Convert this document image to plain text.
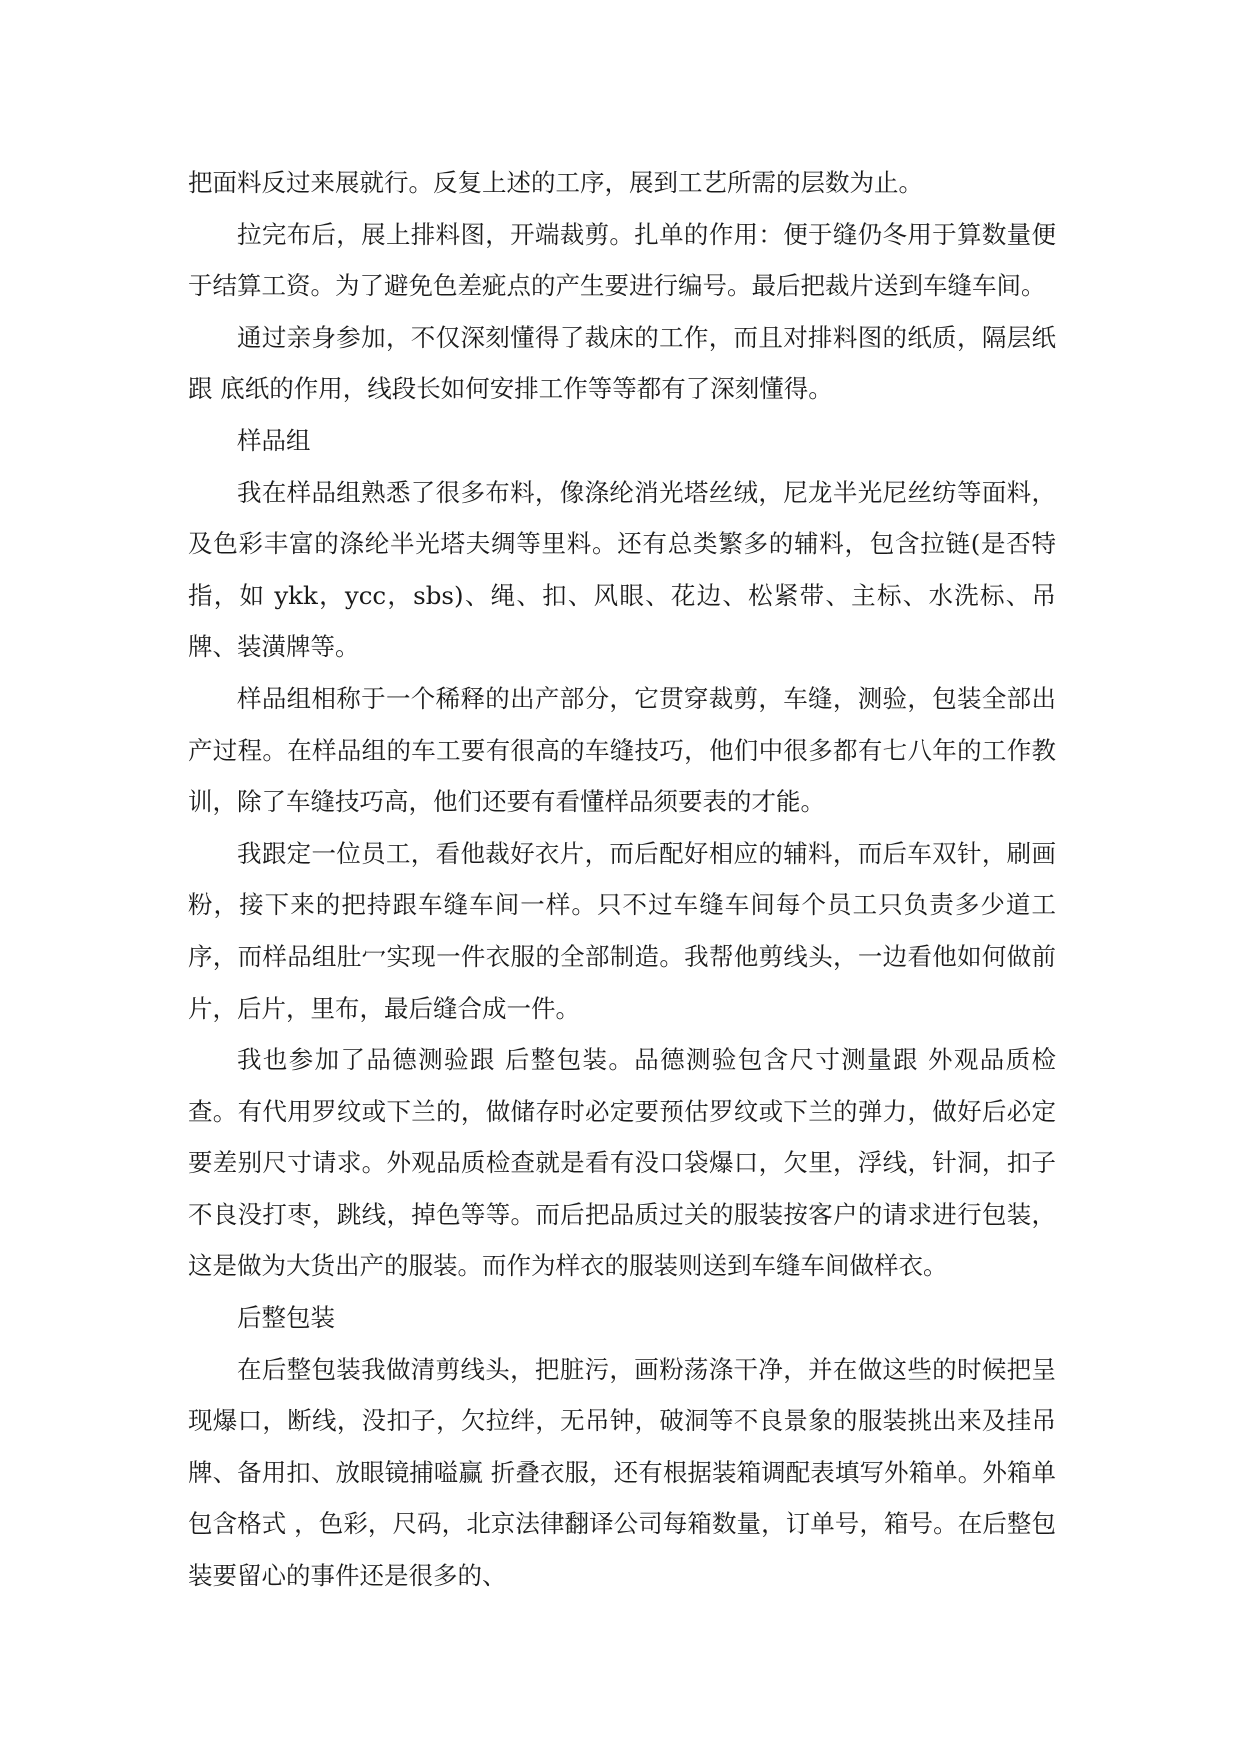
把面料反过来展就行。反复上述的工序，展到工艺所需的层数为止。

拉完布后，展上排料图，开端裁剪。扎单的作用：便于缝仍冬用于算数量便于结算工资。为了避免色差疵点的产生要进行编号。最后把裁片送到车缝车间。

通过亲身参加，不仅深刻懂得了裁床的工作，而且对排料图的纸质，隔层纸跟 底纸的作用，线段长如何安排工作等等都有了深刻懂得。

样品组

我在样品组熟悉了很多布料，像涤纶消光塔丝绒，尼龙半光尼丝纺等面料，及色彩丰富的涤纶半光塔夫绸等里料。还有总类繁多的辅料，包含拉链(是否特指，如 ykk，ycc，sbs)、绳、扣、风眼、花边、松紧带、主标、水洗标、吊牌、装潢牌等。

样品组相称于一个稀释的出产部分，它贯穿裁剪，车缝，测验，包装全部出产过程。在样品组的车工要有很高的车缝技巧，他们中很多都有七八年的工作教训，除了车缝技巧高，他们还要有看懂样品须要表的才能。

我跟定一位员工，看他裁好衣片，而后配好相应的辅料，而后车双针，刷画粉，接下来的把持跟车缝车间一样。只不过车缝车间每个员工只负责多少道工序，而样品组肚冖实现一件衣服的全部制造。我帮他剪线头，一边看他如何做前片，后片，里布，最后缝合成一件。

我也参加了品德测验跟 后整包装。品德测验包含尺寸测量跟 外观品质检查。有代用罗纹或下兰的，做储存时必定要预估罗纹或下兰的弹力，做好后必定要差别尺寸请求。外观品质检查就是看有没口袋爆口，欠里，浮线，针洞，扣子不良没打枣，跳线，掉色等等。而后把品质过关的服装按客户的请求进行包装，这是做为大货出产的服装。而作为样衣的服装则送到车缝车间做样衣。

后整包装

在后整包装我做清剪线头，把脏污，画粉荡涤干净，并在做这些的时候把呈现爆口，断线，没扣子，欠拉绊，无吊钟，破洞等不良景象的服装挑出来及挂吊牌、备用扣、放眼镜捕嗌赢 折叠衣服，还有根据装箱调配表填写外箱单。外箱单包含格式 ，色彩，尺码，北京法律翻译公司每箱数量，订单号，箱号。在后整包装要留心的事件还是很多的、
